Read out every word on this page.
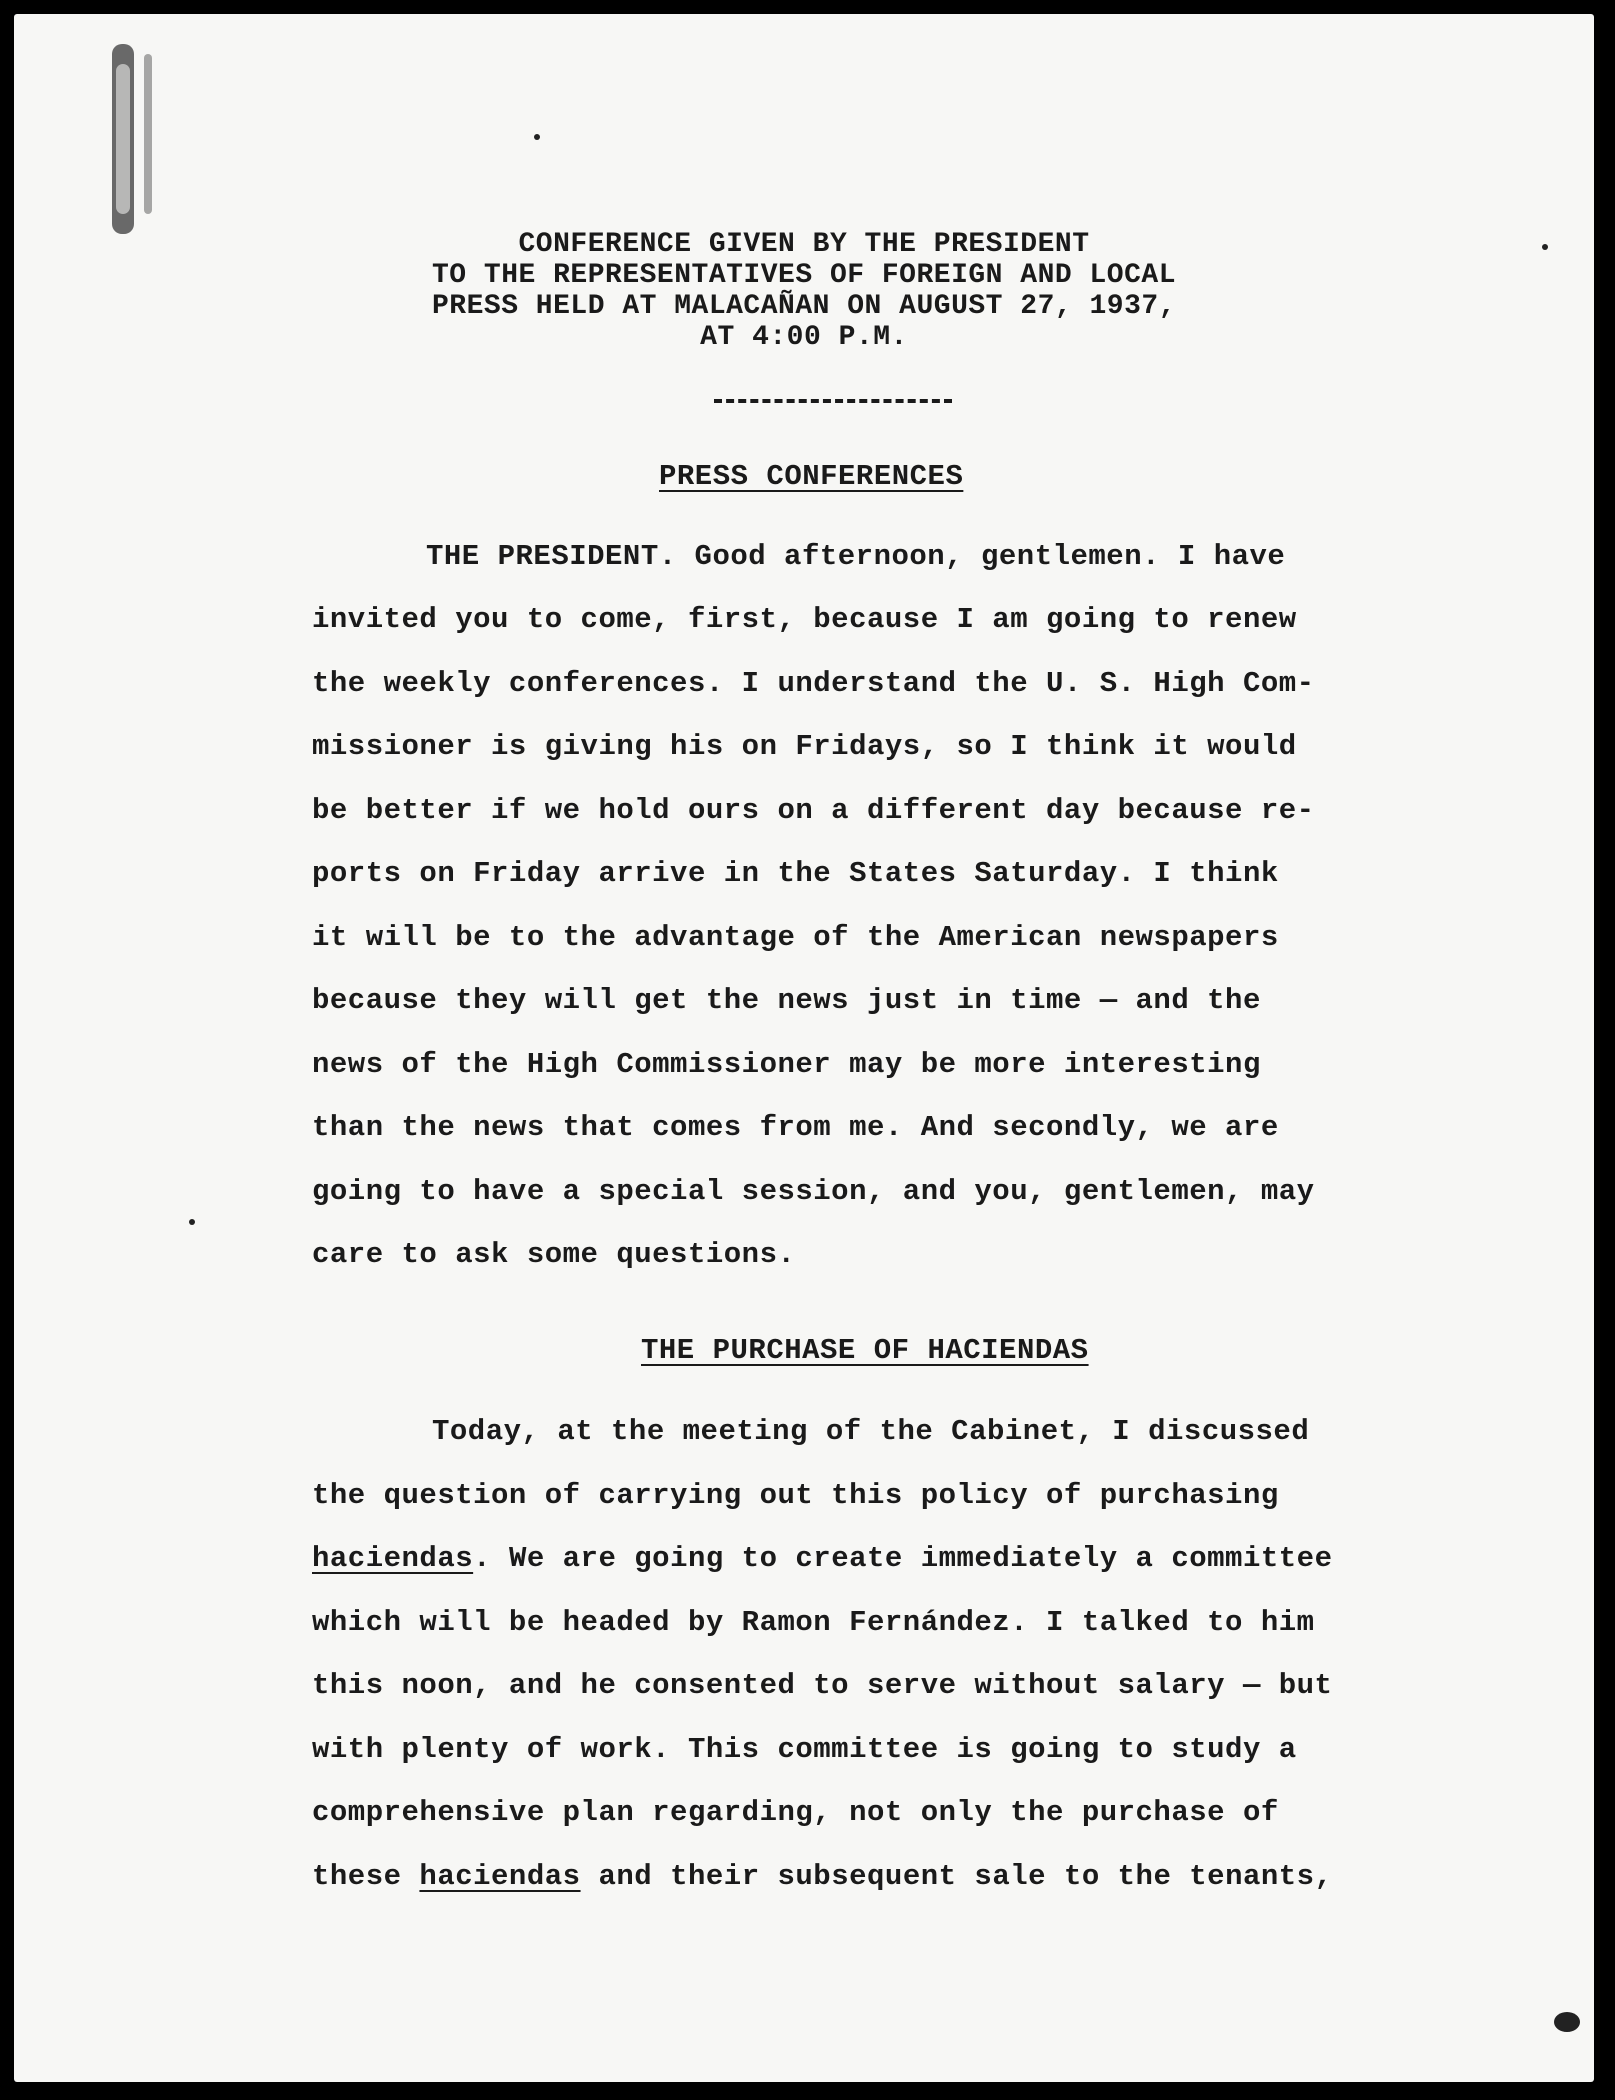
CONFERENCE GIVEN BY THE PRESIDENT
TO THE REPRESENTATIVES OF FOREIGN AND LOCAL
PRESS HELD AT MALACAÑAN ON AUGUST 27, 1937,
AT 4:00 P.M.
PRESS CONFERENCES
THE PRESIDENT. Good afternoon, gentlemen. I have
invited you to come, first, because I am going to renew
the weekly conferences. I understand the U. S. High Com-
missioner is giving his on Fridays, so I think it would
be better if we hold ours on a different day because re-
ports on Friday arrive in the States Saturday. I think
it will be to the advantage of the American newspapers
because they will get the news just in time — and the
news of the High Commissioner may be more interesting
than the news that comes from me. And secondly, we are
going to have a special session, and you, gentlemen, may
care to ask some questions.
THE PURCHASE OF HACIENDAS
Today, at the meeting of the Cabinet, I discussed
the question of carrying out this policy of purchasing
haciendas. We are going to create immediately a committee
which will be headed by Ramon Fernández. I talked to him
this noon, and he consented to serve without salary — but
with plenty of work. This committee is going to study a
comprehensive plan regarding, not only the purchase of
these haciendas and their subsequent sale to the tenants,
